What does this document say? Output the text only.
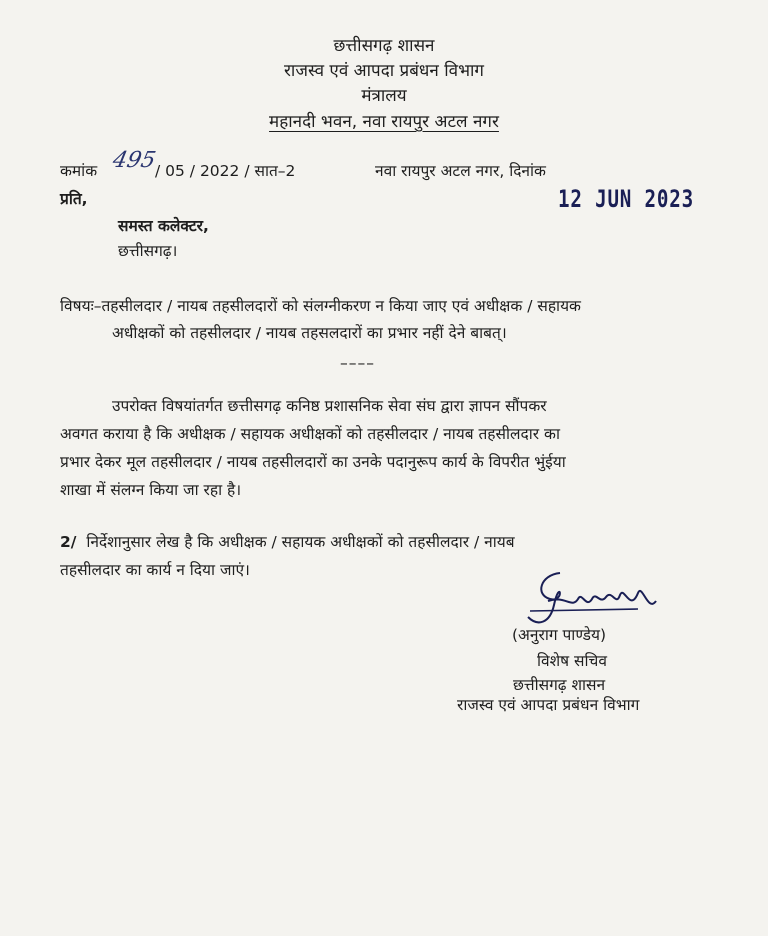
छत्तीसगढ़ शासन
राजस्व एवं आपदा प्रबंधन विभाग
मंत्रालय
महानदी भवन, नवा रायपुर अटल नगर
कमांक 495
/ 05 / 2022 / सात–2	नवा रायपुर अटल नगर, दिनांक
12 JUN 2023
प्रति,
समस्त कलेक्टर,
छत्तीसगढ़।
विषयः–तहसीलदार / नायब तहसीलदारों को संलग्नीकरण न किया जाए एवं अधीक्षक / सहायक
अधीक्षकों को तहसीलदार / नायब तहसलदारों का प्रभार नहीं देने बाबत्।
––––
उपरोक्त विषयांतर्गत छत्तीसगढ़ कनिष्ठ प्रशासनिक सेवा संघ द्वारा ज्ञापन सौंपकर
अवगत कराया है कि अधीक्षक / सहायक अधीक्षकों को तहसीलदार / नायब तहसीलदार का
प्रभार देकर मूल तहसीलदार / नायब तहसीलदारों का उनके पदानुरूप कार्य के विपरीत भुंईया
शाखा में संलग्न किया जा रहा है।
2/ निर्देशानुसार लेख है कि अधीक्षक / सहायक अधीक्षकों को तहसीलदार / नायब
तहसीलदार का कार्य न दिया जाएं।
(अनुराग पाण्डेय)
विशेष सचिव
छत्तीसगढ़ शासन
राजस्व एवं आपदा प्रबंधन विभाग
